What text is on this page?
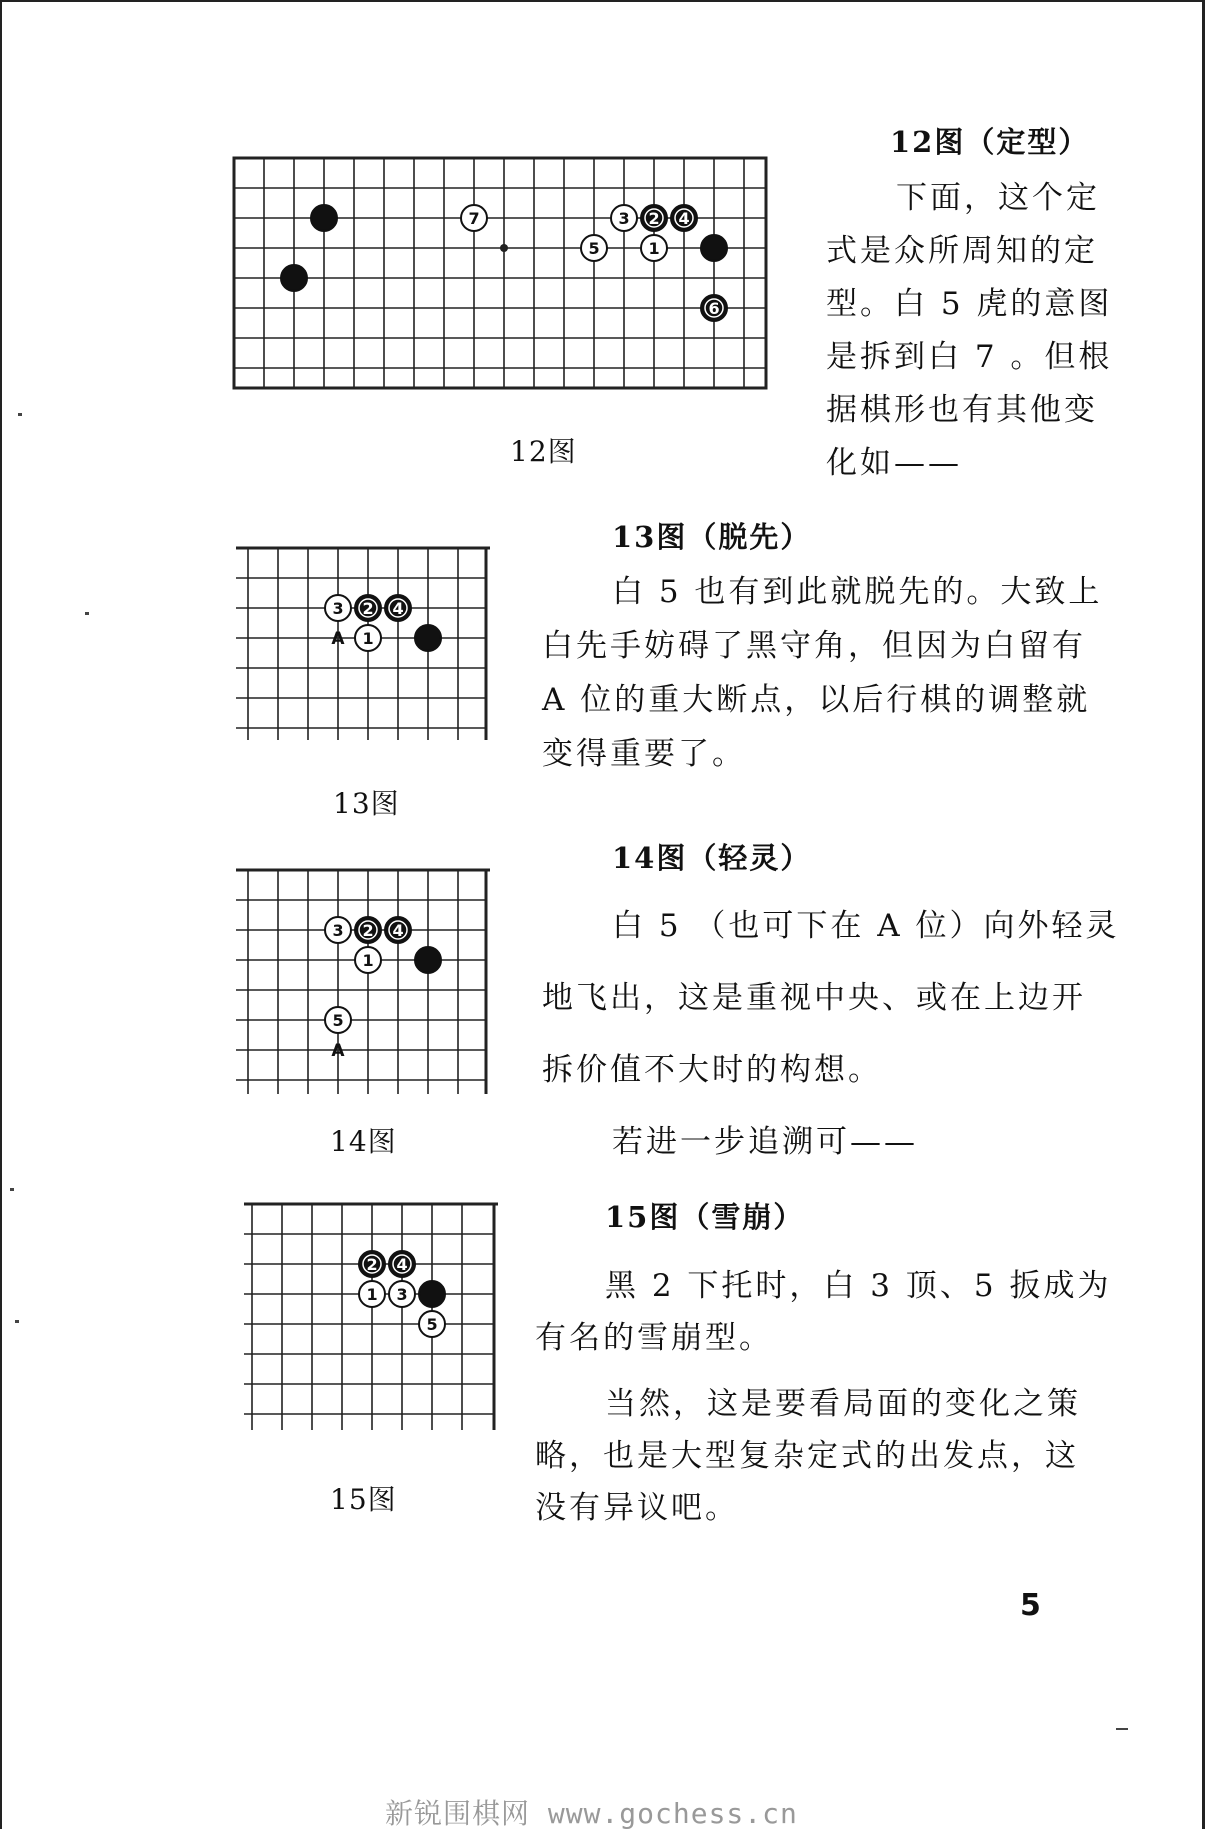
7	3 2 4
5	1
6
12图
12图（定型）

下面，这个定

式是众所周知的定

型。白 5 虎的意图

是拆到白 7 。但根

据棋形也有其他变

化如——

A
3 2 4
1
13图
13图（脱先）

白 5 也有到此就脱先的。大致上

白先手妨碍了黑守角，但因为白留有

A 位的重大断点，以后行棋的调整就

变得重要了。

A
3 2 4
1
5
14图
14图（轻灵）

白 5 （也可下在 A 位）向外轻灵

地飞出，这是重视中央、或在上边开

拆价值不大时的构想。

若进一步追溯可——

2 4
1 3
5
15图
15图（雪崩）

黑 2 下托时，白 3 顶、5 扳成为

有名的雪崩型。

当然，这是要看局面的变化之策

略，也是大型复杂定式的出发点，这

没有异议吧。

5
新锐围棋网 www.gochess.cn
